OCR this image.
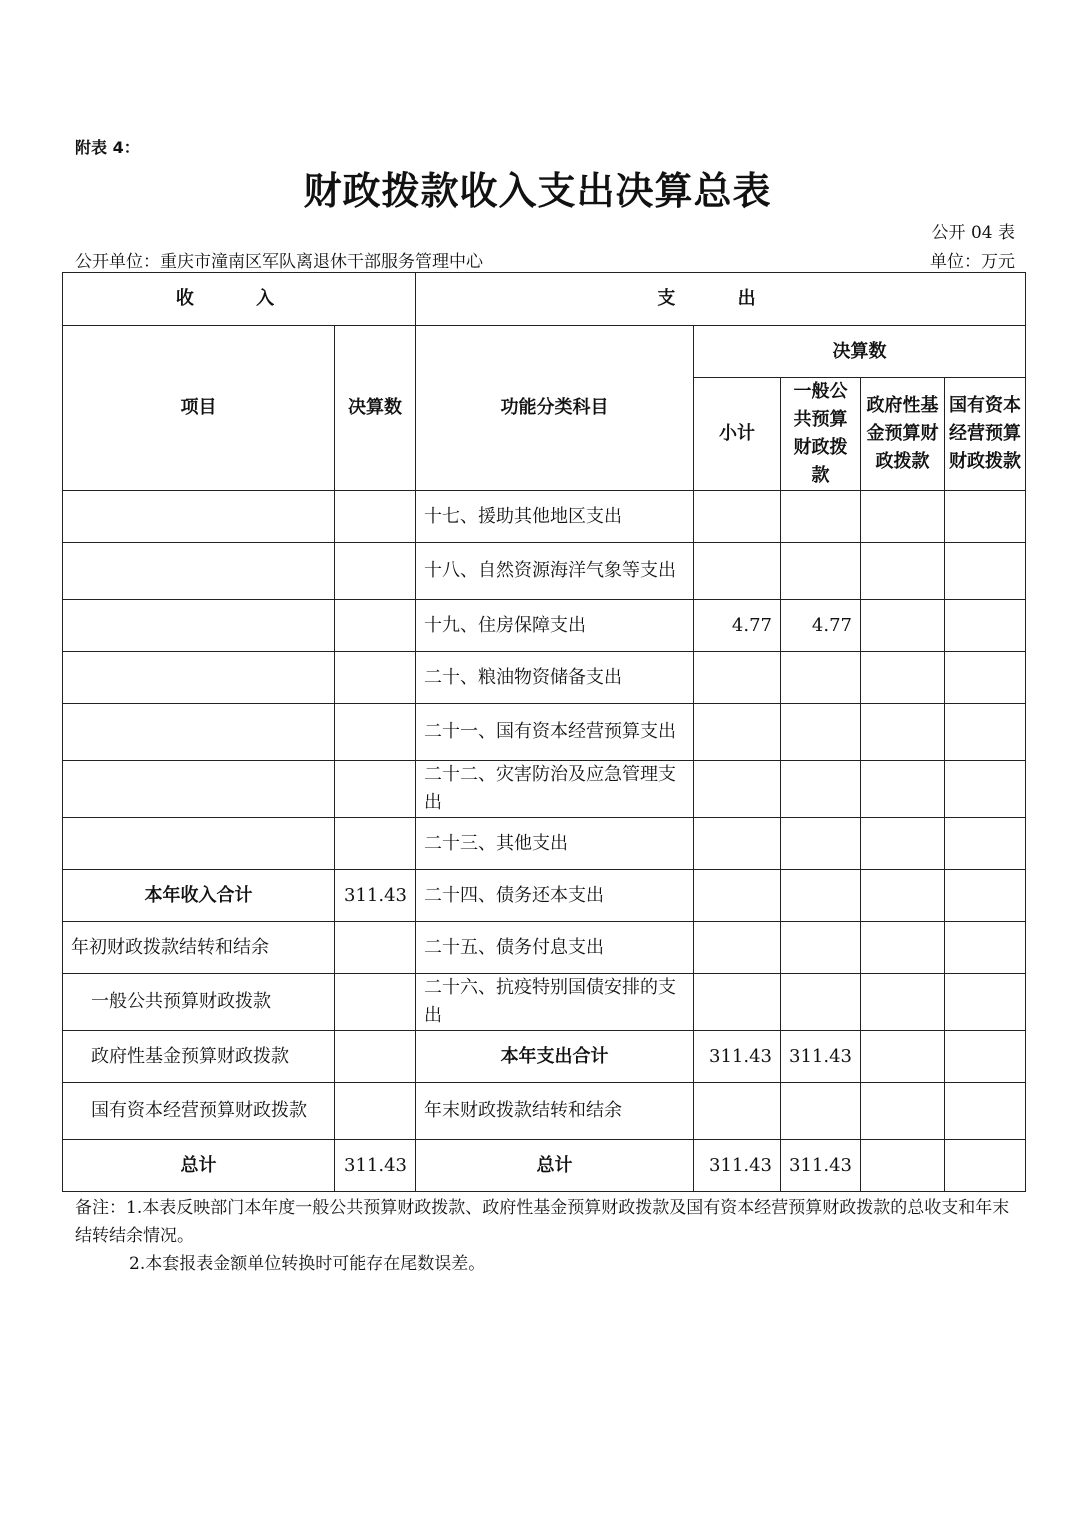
附表 4：
财政拨款收入支出决算总表
公开 04 表
公开单位：重庆市潼南区军队离退休干部服务管理中心	单位：万元
收 入		支 出				
项目	决算数	功能分类科目	决算数			
			小计	一般公共预算财政拨款	政府性基金预算财政拨款	国有资本经营预算财政拨款
		十七、援助其他地区支出				
		十八、自然资源海洋气象等支出				
		十九、住房保障支出	4.77	4.77		
		二十、粮油物资储备支出				
		二十一、国有资本经营预算支出				
		二十二、灾害防治及应急管理支出				
		二十三、其他支出				
本年收入合计	311.43	二十四、债务还本支出				
年初财政拨款结转和结余		二十五、债务付息支出				
一般公共预算财政拨款		二十六、抗疫特别国债安排的支出				
政府性基金预算财政拨款		本年支出合计	311.43	311.43		
国有资本经营预算财政拨款		年末财政拨款结转和结余				
总计	311.43	总计	311.43	311.43		
备注：1.本表反映部门本年度一般公共预算财政拨款、政府性基金预算财政拨款及国有资本经营预算财政拨款的总收支和年末结转结余情况。
2.本套报表金额单位转换时可能存在尾数误差。
